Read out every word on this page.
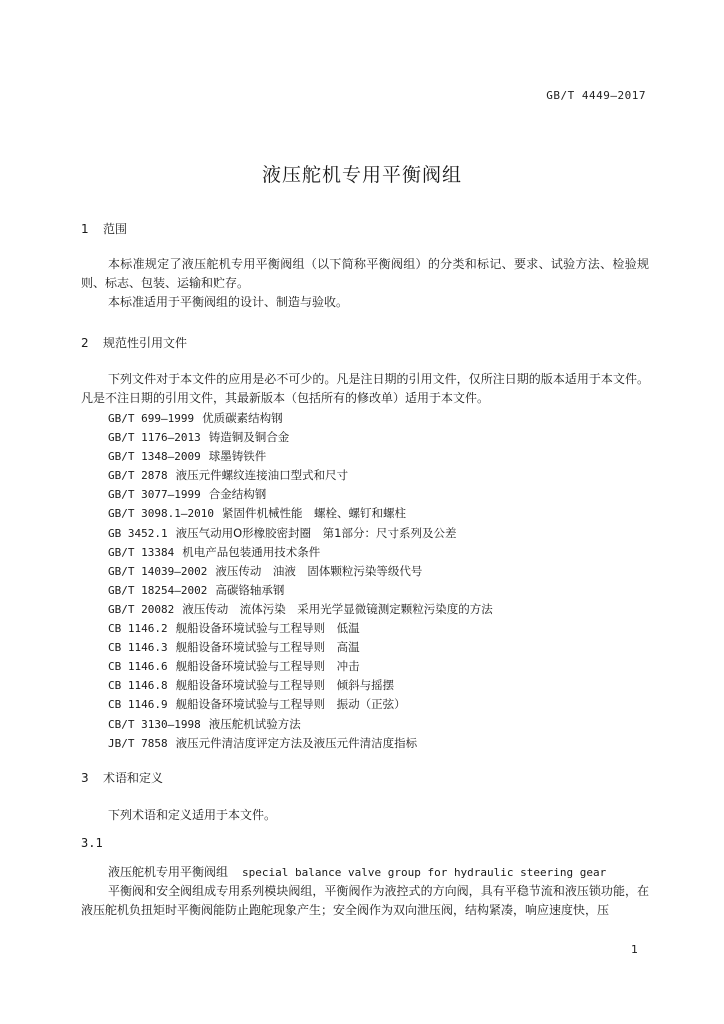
GB/T 4449—2017
液压舵机专用平衡阀组
1 范围
本标准规定了液压舵机专用平衡阀组（以下简称平衡阀组）的分类和标记、要求、试验方法、检验规则、标志、包装、运输和贮存。
本标准适用于平衡阀组的设计、制造与验收。
2 规范性引用文件
下列文件对于本文件的应用是必不可少的。凡是注日期的引用文件，仅所注日期的版本适用于本文件。凡是不注日期的引用文件，其最新版本（包括所有的修改单）适用于本文件。
GB/T 699—1999 优质碳素结构钢
GB/T 1176—2013 铸造铜及铜合金
GB/T 1348—2009 球墨铸铁件
GB/T 2878 液压元件螺纹连接油口型式和尺寸
GB/T 3077—1999 合金结构钢
GB/T 3098.1—2010 紧固件机械性能　螺栓、螺钉和螺柱
GB 3452.1 液压气动用O形橡胶密封圈　第1部分：尺寸系列及公差
GB/T 13384 机电产品包装通用技术条件
GB/T 14039—2002 液压传动　油液　固体颗粒污染等级代号
GB/T 18254—2002 高碳铬轴承钢
GB/T 20082 液压传动　流体污染　采用光学显微镜测定颗粒污染度的方法
CB 1146.2 舰船设备环境试验与工程导则　低温
CB 1146.3 舰船设备环境试验与工程导则　高温
CB 1146.6 舰船设备环境试验与工程导则　冲击
CB 1146.8 舰船设备环境试验与工程导则　倾斜与摇摆
CB 1146.9 舰船设备环境试验与工程导则　振动（正弦）
CB/T 3130—1998 液压舵机试验方法
JB/T 7858 液压元件清洁度评定方法及液压元件清洁度指标
3 术语和定义
下列术语和定义适用于本文件。
3.1
液压舵机专用平衡阀组 special balance valve group for hydraulic steering gear
平衡阀和安全阀组成专用系列模块阀组，平衡阀作为液控式的方向阀，具有平稳节流和液压锁功能，在液压舵机负扭矩时平衡阀能防止跑舵现象产生；安全阀作为双向泄压阀，结构紧凑，响应速度快，压
1
